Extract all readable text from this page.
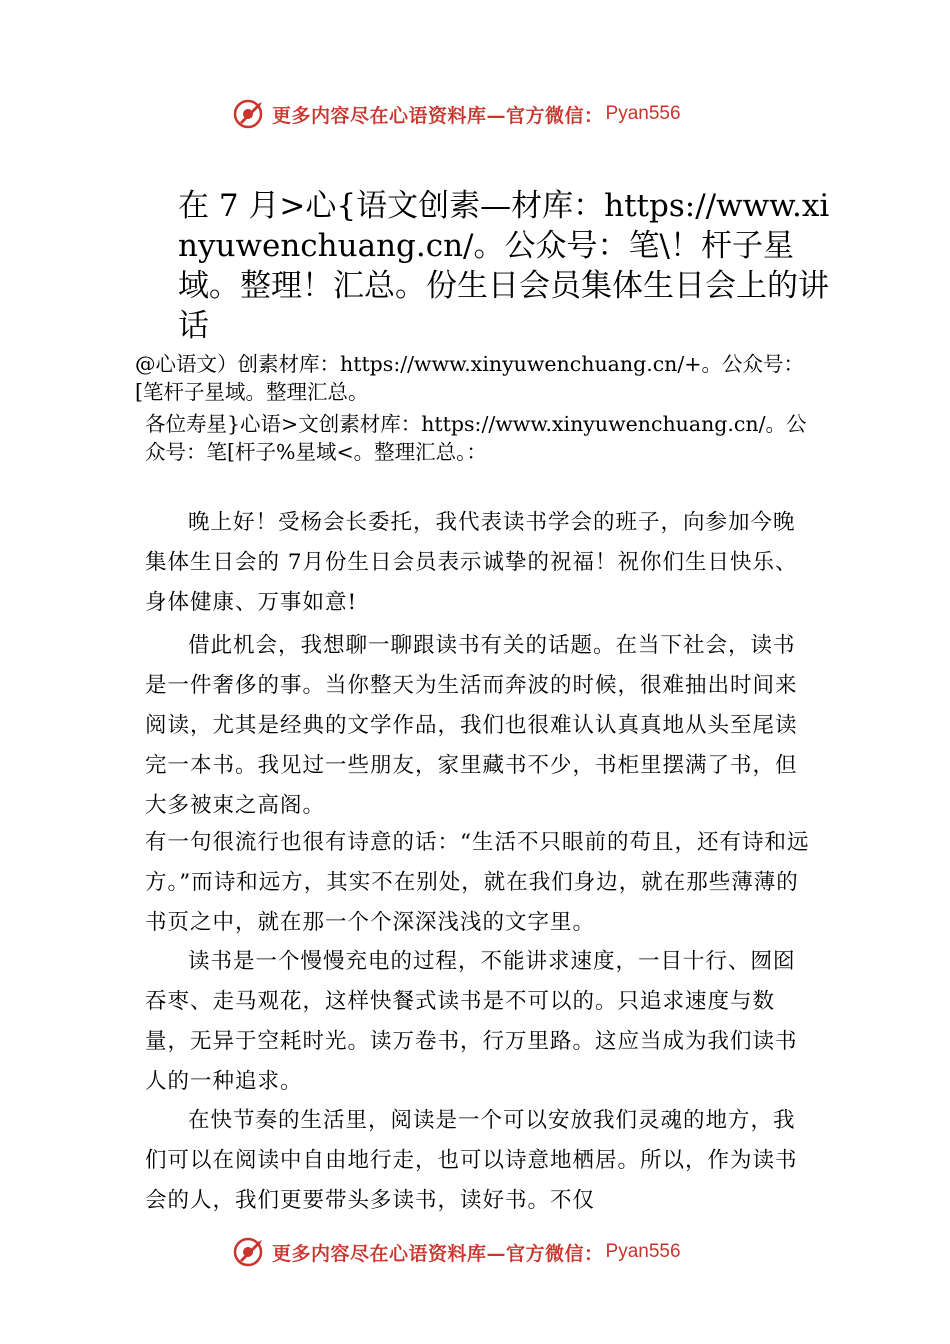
更多内容尽在心语资料库—官方微信： Pyan556
在 7 月>心{语文创素—材库：https://www.xinyuwenchuang.cn/。公众号：笔\！杆子星域。整理！汇总。份生日会员集体生日会上的讲话

@心语文）创素材库：https://www.xinyuwenchuang.cn/+。公众号：[笔杆子星域。整理汇总。

各位寿星}心语>文创素材库：https://www.xinyuwenchuang.cn/。公众号：笔[杆子%星域<。整理汇总。：

晚上好！受杨会长委托，我代表读书学会的班子，向参加今晚集体生日会的 7月份生日会员表示诚挚的祝福！祝你们生日快乐、身体健康、万事如意!

借此机会，我想聊一聊跟读书有关的话题。在当下社会，读书是一件奢侈的事。当你整天为生活而奔波的时候，很难抽出时间来阅读，尤其是经典的文学作品，我们也很难认认真真地从头至尾读完一本书。我见过一些朋友，家里藏书不少，书柜里摆满了书，但大多被束之高阁。

有一句很流行也很有诗意的话：“生活不只眼前的苟且，还有诗和远方。”而诗和远方，其实不在别处，就在我们身边，就在那些薄薄的书页之中，就在那一个个深深浅浅的文字里。

读书是一个慢慢充电的过程，不能讲求速度，一目十行、囫囵吞枣、走马观花，这样快餐式读书是不可以的。只追求速度与数量，无异于空耗时光。读万卷书，行万里路。这应当成为我们读书人的一种追求。

在快节奏的生活里，阅读是一个可以安放我们灵魂的地方，我们可以在阅读中自由地行走，也可以诗意地栖居。所以，作为读书会的人，我们更要带头多读书，读好书。不仅

更多内容尽在心语资料库—官方微信： Pyan556
